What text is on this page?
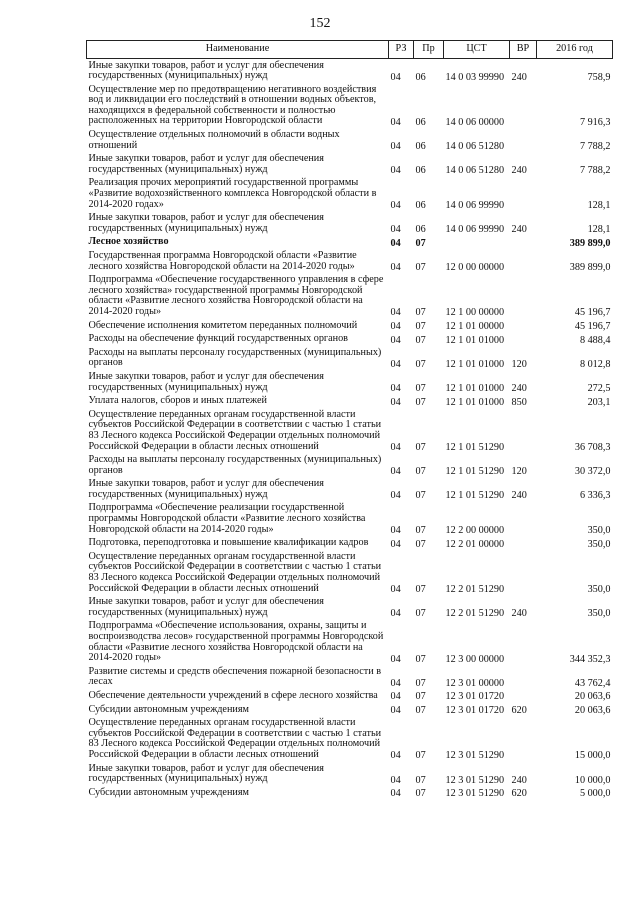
152
Наименование	РЗ	Пр	ЦСТ	ВР	2016 год
Иные закупки товаров, работ и услуг для обеспечения государственных (муниципальных) нужд	04	06	14 0 03 99990	240	758,9
Осуществление мер по предотвращению негативного воздействия вод и ликвидации его последствий в отношении водных объектов, находящихся в федеральной собственности и полностью расположенных на территории Новгородской области	04	06	14 0 06 00000		7 916,3
Осуществление отдельных полномочий в области водных отношений	04	06	14 0 06 51280		7 788,2
Иные закупки товаров, работ и услуг для обеспечения государственных (муниципальных) нужд	04	06	14 0 06 51280	240	7 788,2
Реализация прочих мероприятий государственной программы «Развитие водохозяйственного комплекса Новгородской области в 2014-2020 годах»	04	06	14 0 06 99990		128,1
Иные закупки товаров, работ и услуг для обеспечения государственных (муниципальных) нужд	04	06	14 0 06 99990	240	128,1
Лесное хозяйство	04	07			389 899,0
Государственная программа Новгородской области «Развитие лесного хозяйства Новгородской области на 2014-2020 годы»	04	07	12 0 00 00000		389 899,0
Подпрограмма «Обеспечение государственного управления в сфере лесного хозяйства» государственной программы Новгородской области «Развитие лесного хозяйства Новгородской области на 2014-2020 годы»	04	07	12 1 00 00000		45 196,7
Обеспечение исполнения комитетом переданных полномочий	04	07	12 1 01 00000		45 196,7
Расходы на обеспечение функций государственных органов	04	07	12 1 01 01000		8 488,4
Расходы на выплаты персоналу государственных (муниципальных) органов	04	07	12 1 01 01000	120	8 012,8
Иные закупки товаров, работ и услуг для обеспечения государственных (муниципальных) нужд	04	07	12 1 01 01000	240	272,5
Уплата налогов, сборов и иных платежей	04	07	12 1 01 01000	850	203,1
Осуществление переданных органам государственной власти субъектов Российской Федерации в соответствии с частью 1 статьи 83 Лесного кодекса Российской Федерации отдельных полномочий Российской Федерации в области лесных отношений	04	07	12 1 01 51290		36 708,3
Расходы на выплаты персоналу государственных (муниципальных) органов	04	07	12 1 01 51290	120	30 372,0
Иные закупки товаров, работ и услуг для обеспечения государственных (муниципальных) нужд	04	07	12 1 01 51290	240	6 336,3
Подпрограмма «Обеспечение реализации государственной программы Новгородской области «Развитие лесного хозяйства Новгородской области на 2014-2020 годы»	04	07	12 2 00 00000		350,0
Подготовка, переподготовка и повышение квалификации кадров	04	07	12 2 01 00000		350,0
Осуществление переданных органам государственной власти субъектов Российской Федерации в соответствии с частью 1 статьи 83 Лесного кодекса Российской Федерации отдельных полномочий Российской Федерации в области лесных отношений	04	07	12 2 01 51290		350,0
Иные закупки товаров, работ и услуг для обеспечения государственных (муниципальных) нужд	04	07	12 2 01 51290	240	350,0
Подпрограмма «Обеспечение использования, охраны, защиты и воспроизводства лесов» государственной программы Новгородской области «Развитие лесного хозяйства Новгородской области на 2014-2020 годы»	04	07	12 3 00 00000		344 352,3
Развитие системы и средств обеспечения пожарной безопасности в лесах	04	07	12 3 01 00000		43 762,4
Обеспечение деятельности учреждений в сфере лесного хозяйства	04	07	12 3 01 01720		20 063,6
Субсидии автономным учреждениям	04	07	12 3 01 01720	620	20 063,6
Осуществление переданных органам государственной власти субъектов Российской Федерации в соответствии с частью 1 статьи 83 Лесного кодекса Российской Федерации отдельных полномочий Российской Федерации в области лесных отношений	04	07	12 3 01 51290		15 000,0
Иные закупки товаров, работ и услуг для обеспечения государственных (муниципальных) нужд	04	07	12 3 01 51290	240	10 000,0
Субсидии автономным учреждениям	04	07	12 3 01 51290	620	5 000,0
